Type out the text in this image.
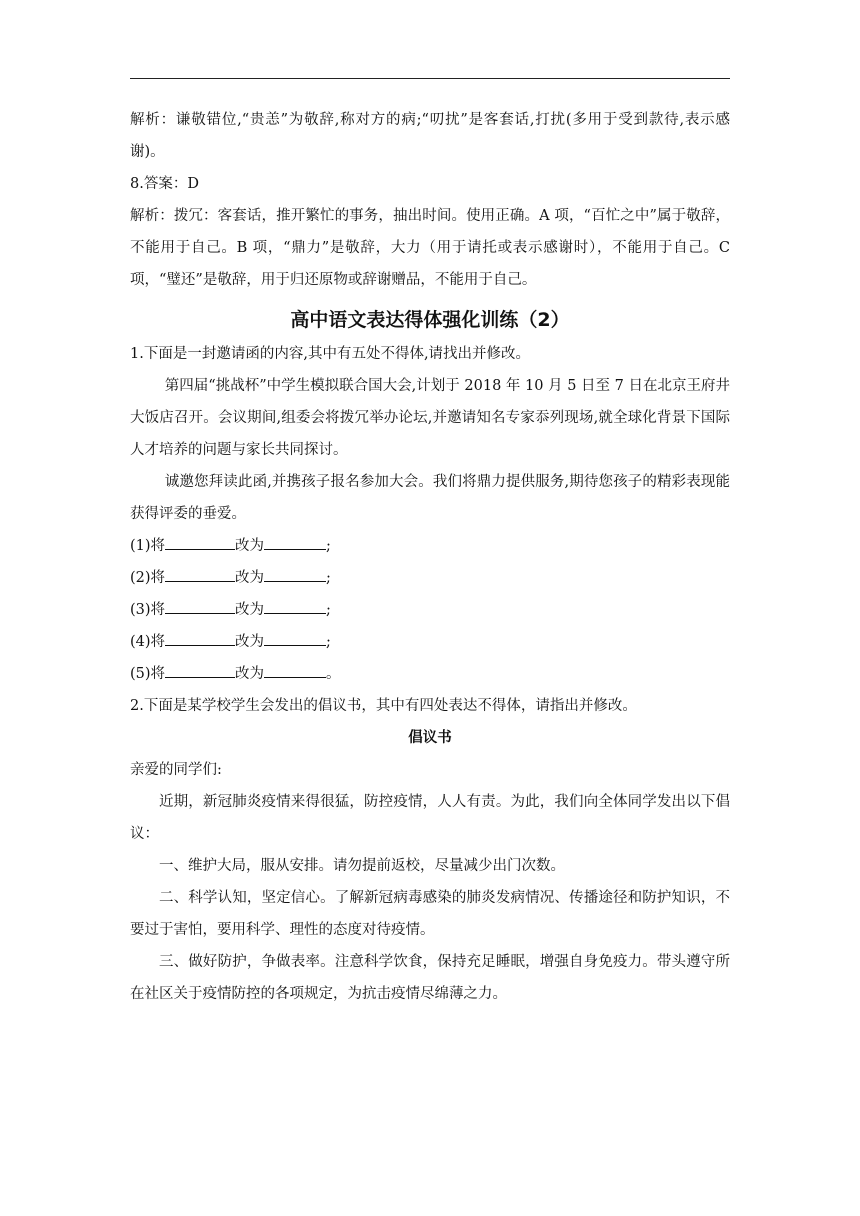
解析：谦敬错位,“贵恙”为敬辞,称对方的病;“叨扰”是客套话,打扰(多用于受到款待,表示感谢)。

8.答案：D

解析：拨冗：客套话，推开繁忙的事务，抽出时间。使用正确。A 项，“百忙之中”属于敬辞，不能用于自己。B 项，“鼎力”是敬辞，大力（用于请托或表示感谢时），不能用于自己。C 项，“璧还”是敬辞，用于归还原物或辞谢赠品，不能用于自己。

高中语文表达得体强化训练（2）

1.下面是一封邀请函的内容,其中有五处不得体,请找出并修改。

第四届“挑战杯”中学生模拟联合国大会,计划于 2018 年 10 月 5 日至 7 日在北京王府井大饭店召开。会议期间,组委会将拨冗举办论坛,并邀请知名专家忝列现场,就全球化背景下国际人才培养的问题与家长共同探讨。

诚邀您拜读此函,并携孩子报名参加大会。我们将鼎力提供服务,期待您孩子的精彩表现能获得评委的垂爱。

(1)将	改为	;

(2)将	改为	;

(3)将	改为	;

(4)将	改为	;

(5)将	改为	。

2.下面是某学校学生会发出的倡议书，其中有四处表达不得体，请指出并修改。

倡议书

亲爱的同学们:

近期，新冠肺炎疫情来得很猛，防控疫情，人人有责。为此，我们向全体同学发出以下倡议：

一、维护大局，服从安排。请勿提前返校，尽量减少出门次数。

二、科学认知，坚定信心。了解新冠病毒感染的肺炎发病情况、传播途径和防护知识，不要过于害怕，要用科学、理性的态度对待疫情。

三、做好防护，争做表率。注意科学饮食，保持充足睡眠，增强自身免疫力。带头遵守所在社区关于疫情防控的各项规定，为抗击疫情尽绵薄之力。
